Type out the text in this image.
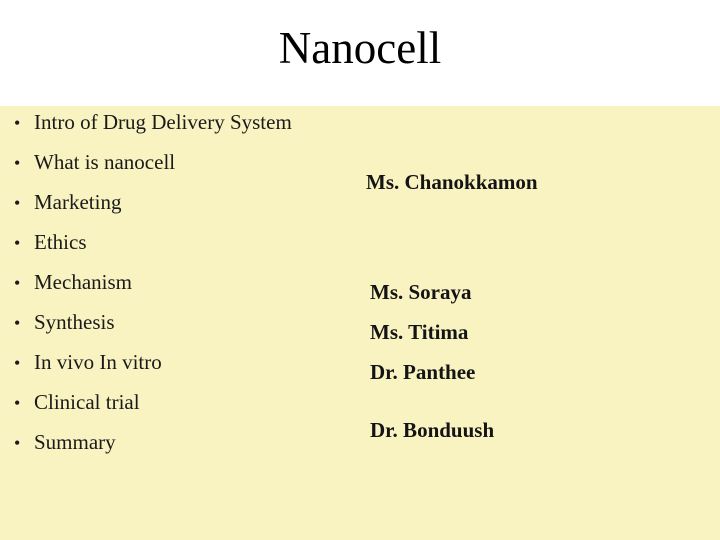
Nanocell
• Intro of Drug Delivery System
• What is nanocell
• Marketing
• Ethics
• Mechanism
• Synthesis
• In vivo In vitro
• Clinical trial
• Summary
Ms. Chanokkamon
Ms. Soraya
Ms. Titima
Dr. Panthee
Dr. Bonduush
